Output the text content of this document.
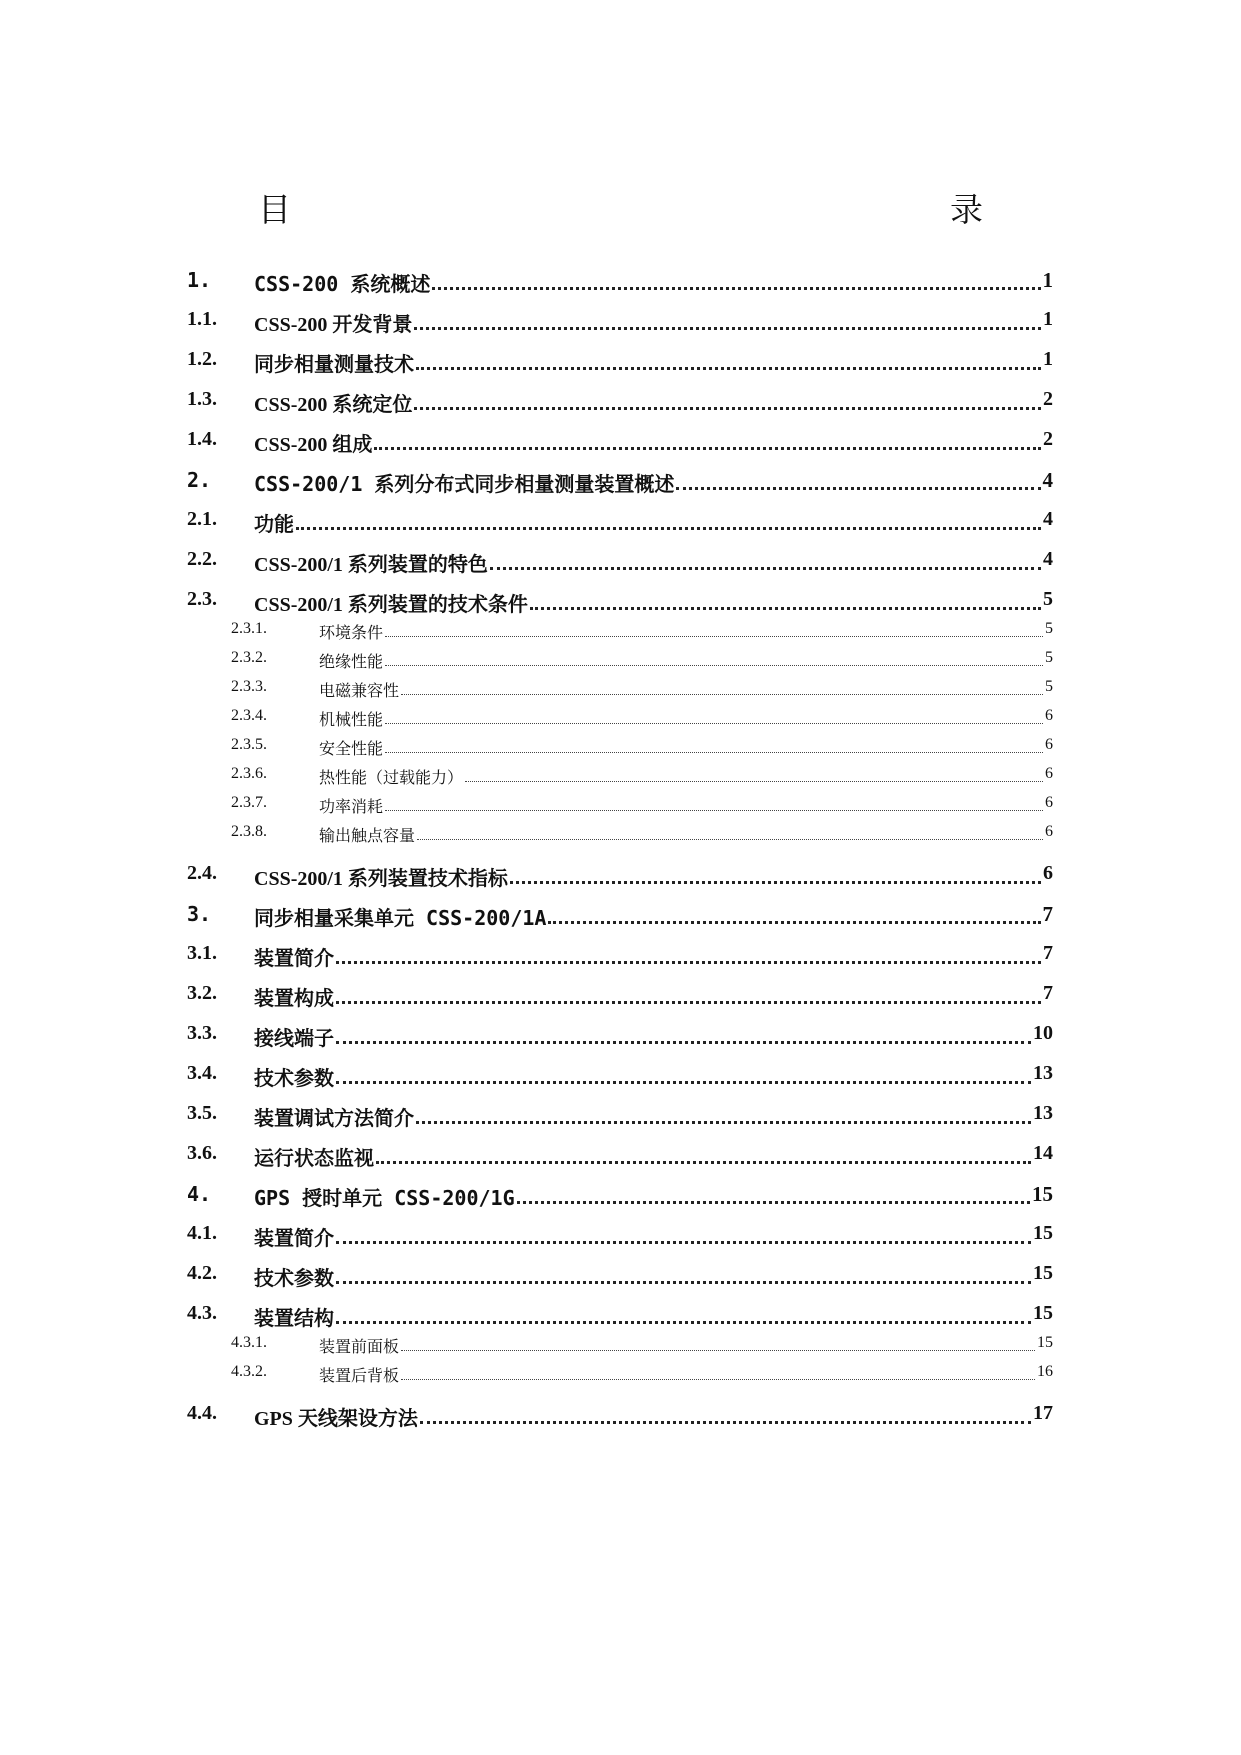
目　　　录
1. CSS-200 系统概述	1
1.1. CSS-200 开发背景	1
1.2. 同步相量测量技术	1
1.3. CSS-200 系统定位	2
1.4. CSS-200 组成	2
2. CSS-200/1 系列分布式同步相量测量装置概述	4
2.1. 功能	4
2.2. CSS-200/1 系列装置的特色	4
2.3. CSS-200/1 系列装置的技术条件	5
2.3.1.	环境条件	5
2.3.2.	绝缘性能	5
2.3.3.	电磁兼容性	5
2.3.4.	机械性能	6
2.3.5.	安全性能	6
2.3.6.	热性能（过载能力）	6
2.3.7.	功率消耗	6
2.3.8.	输出触点容量	6
2.4. CSS-200/1 系列装置技术指标	6
3. 同步相量采集单元 CSS-200/1A	7
3.1. 装置简介	7
3.2. 装置构成	7
3.3. 接线端子	10
3.4. 技术参数	13
3.5. 装置调试方法简介	13
3.6. 运行状态监视	14
4. GPS 授时单元 CSS-200/1G	15
4.1. 装置简介	15
4.2. 技术参数	15
4.3. 装置结构	15
4.3.1.	装置前面板	15
4.3.2.	装置后背板	16
4.4. GPS 天线架设方法	17
